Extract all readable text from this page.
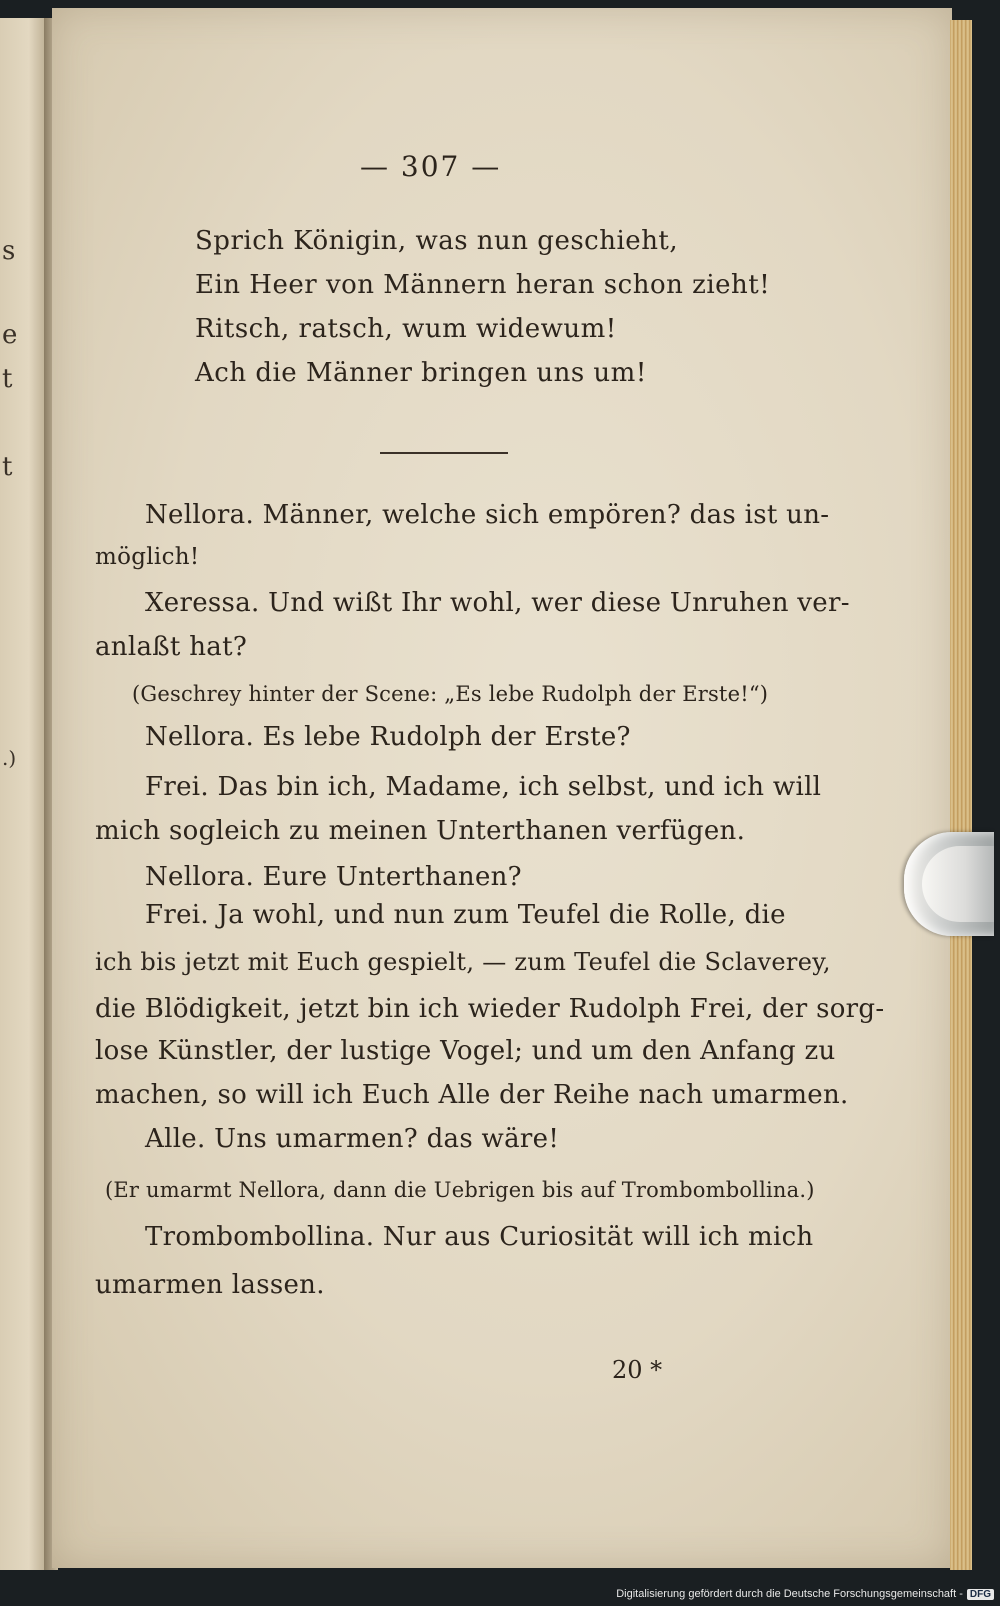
s
e
t
t
.)
— 307 —
Sprich Königin, was nun geschieht,
Ein Heer von Männern heran schon zieht!
Ritsch, ratsch, wum widewum!
Ach die Männer bringen uns um!
Nellora. Männer, welche sich empören? das ist un-
möglich!
Xeressa. Und wißt Ihr wohl, wer diese Unruhen ver-
anlaßt hat?
(Geschrey hinter der Scene: „Es lebe Rudolph der Erste!“)
Nellora. Es lebe Rudolph der Erste?
Frei. Das bin ich, Madame, ich selbst, und ich will
mich sogleich zu meinen Unterthanen verfügen.
Nellora. Eure Unterthanen?
Frei. Ja wohl, und nun zum Teufel die Rolle, die
ich bis jetzt mit Euch gespielt, — zum Teufel die Sclaverey,
die Blödigkeit, jetzt bin ich wieder Rudolph Frei, der sorg-
lose Künstler, der lustige Vogel; und um den Anfang zu
machen, so will ich Euch Alle der Reihe nach umarmen.
Alle. Uns umarmen? das wäre!
(Er umarmt Nellora, dann die Uebrigen bis auf Trombombollina.)
Trombombollina. Nur aus Curiosität will ich mich
umarmen lassen.
20 *
Digitalisierung gefördert durch die Deutsche Forschungsgemeinschaft - DFG
